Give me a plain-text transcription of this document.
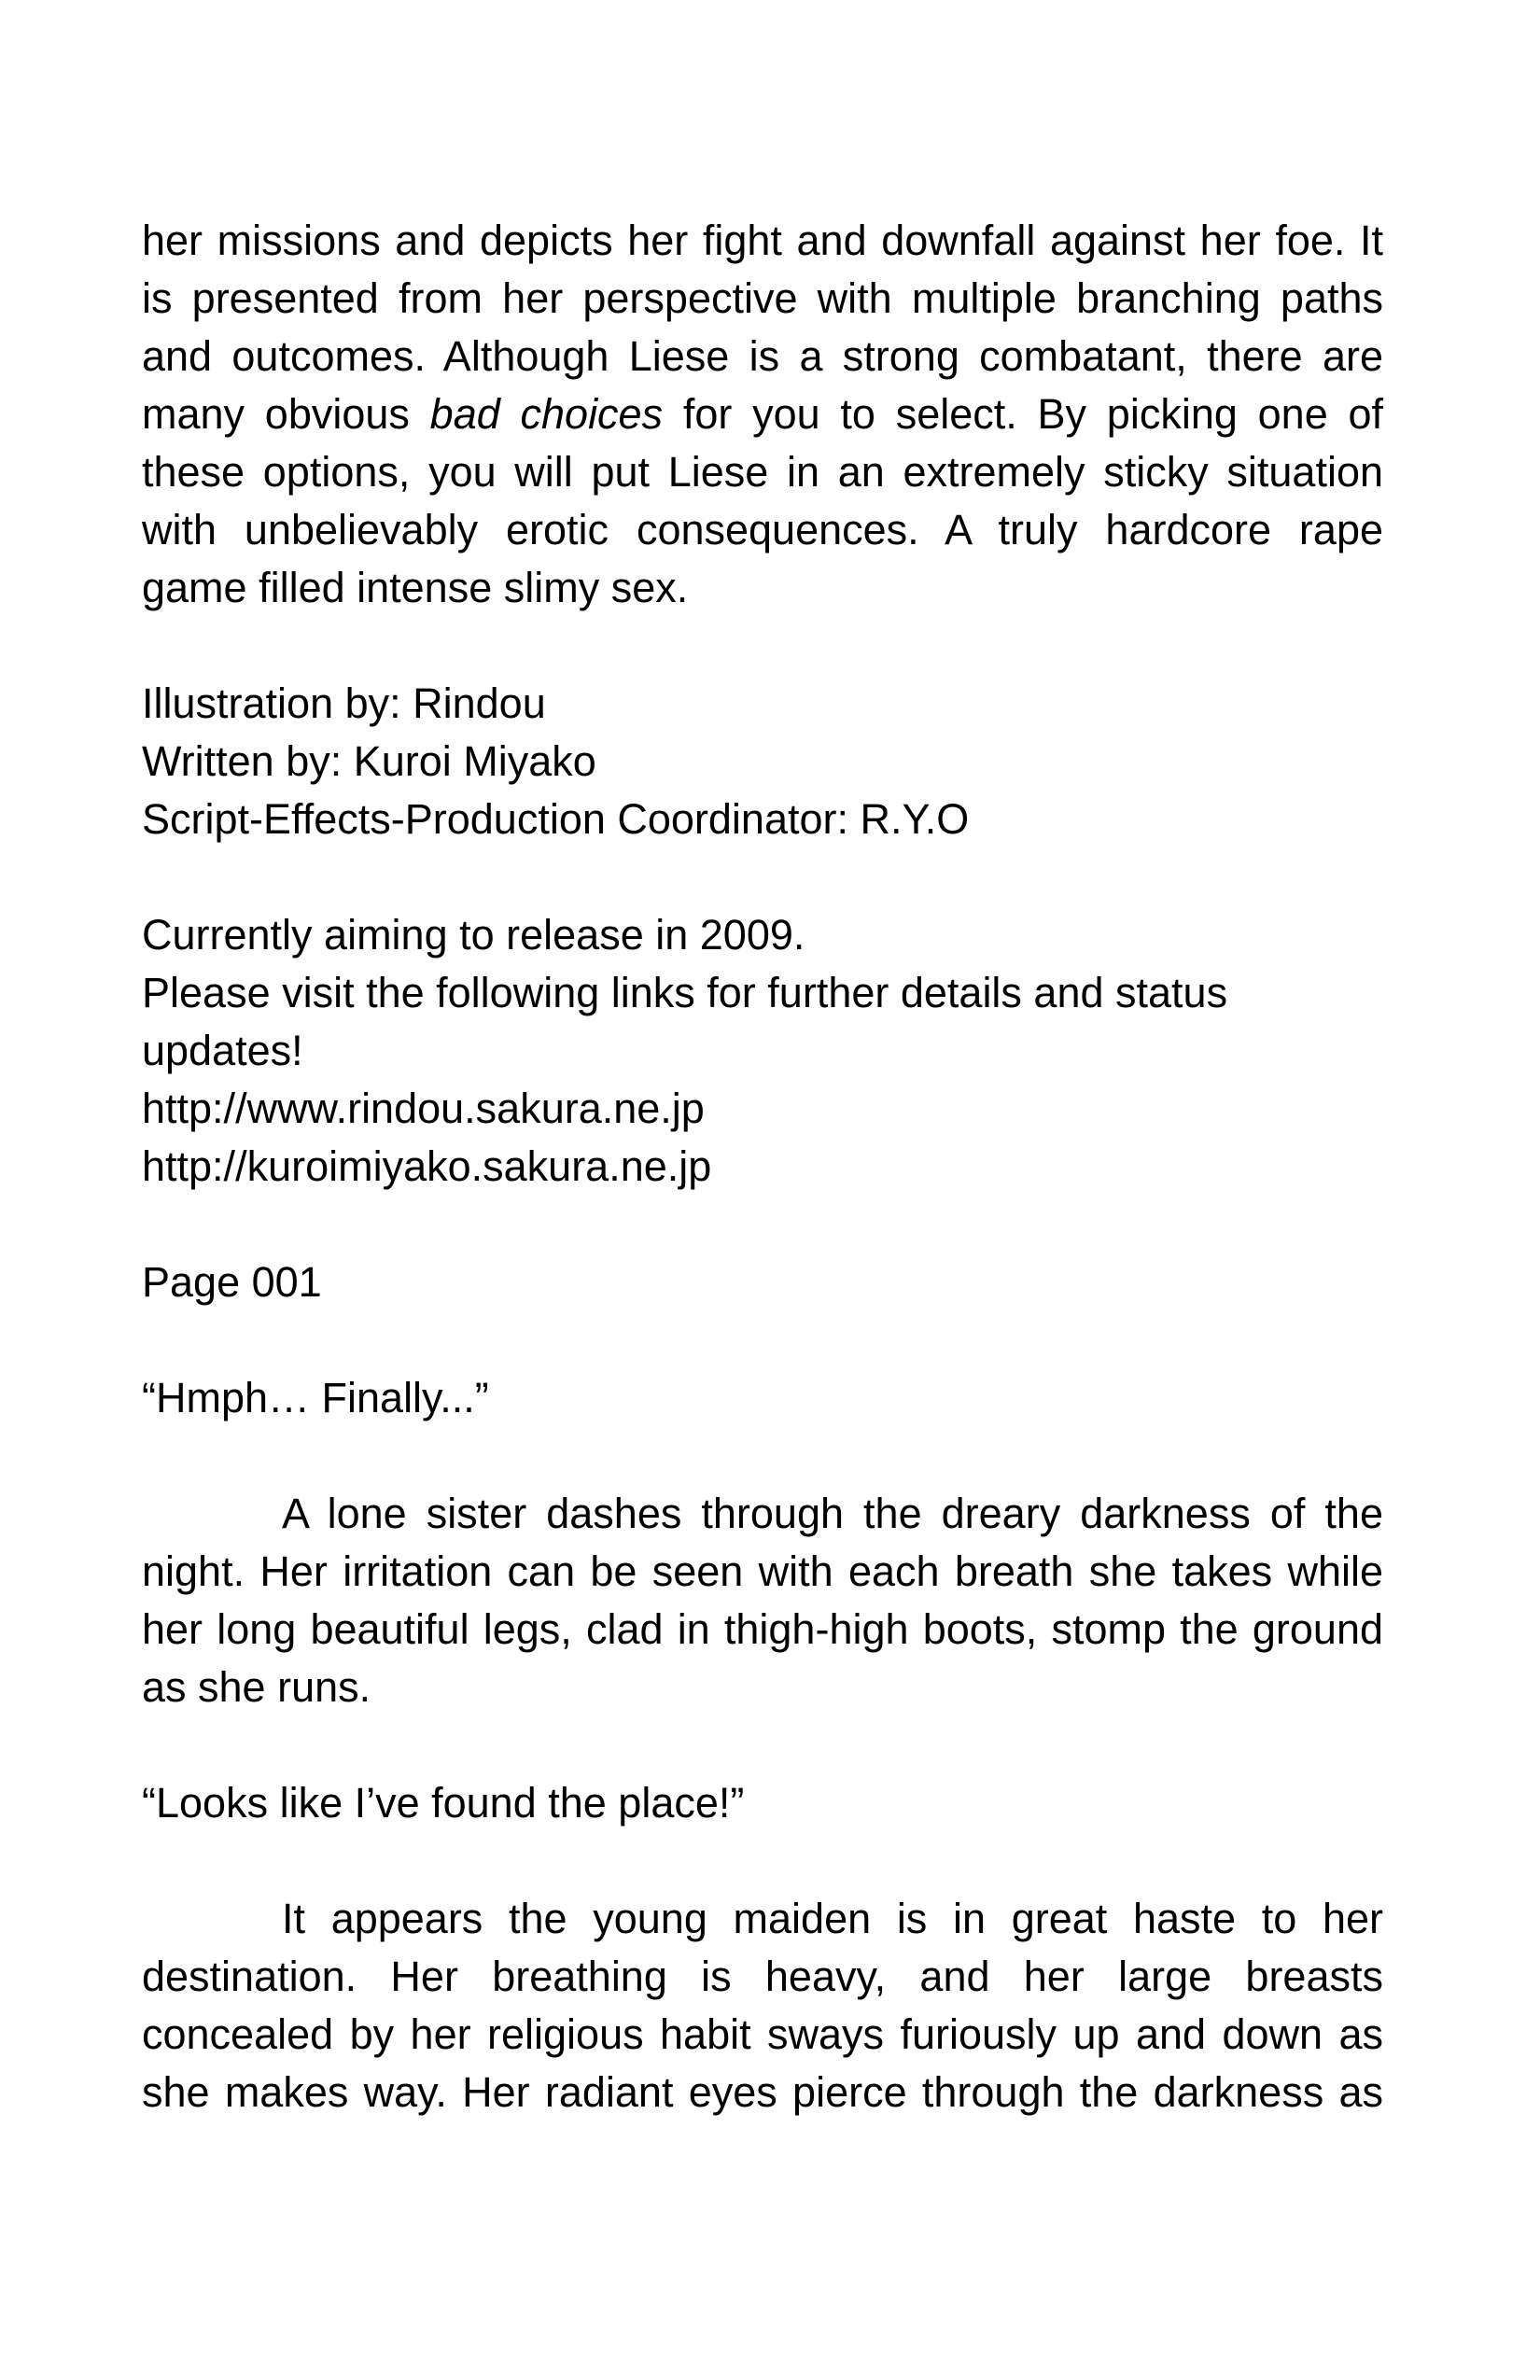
her missions and depicts her fight and downfall against her foe. It is presented from her perspective with multiple branching paths and outcomes. Although Liese is a strong combatant, there are many obvious bad choices for you to select. By picking one of these options, you will put Liese in an extremely sticky situation with unbelievably erotic consequences. A truly hardcore rape game filled intense slimy sex.

Illustration by: Rindou

Written by: Kuroi Miyako

Script-Effects-Production Coordinator: R.Y.O

Currently aiming to release in 2009.

Please visit the following links for further details and status updates!

http://www.rindou.sakura.ne.jp

http://kuroimiyako.sakura.ne.jp

Page 001

“Hmph… Finally...”

A lone sister dashes through the dreary darkness of the night. Her irritation can be seen with each breath she takes while her long beautiful legs, clad in thigh-high boots, stomp the ground as she runs.

“Looks like I’ve found the place!”

It appears the young maiden is in great haste to her destination. Her breathing is heavy, and her large breasts concealed by her religious habit sways furiously up and down as she makes way. Her radiant eyes pierce through the darkness as
